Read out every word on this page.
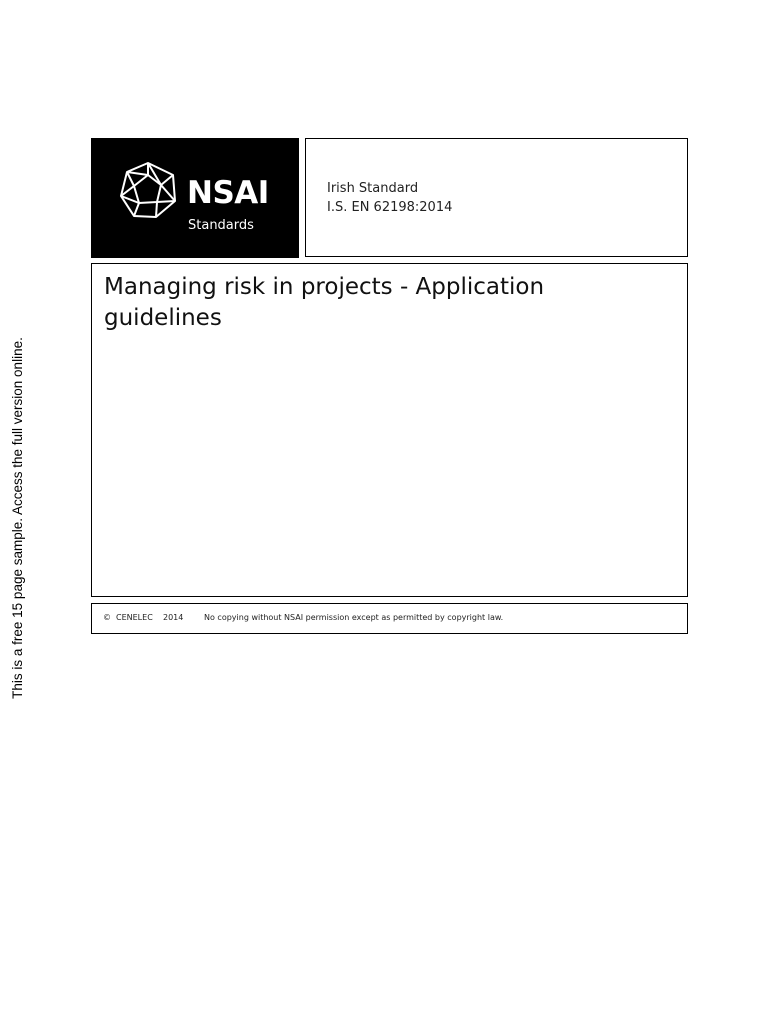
This is a free 15 page sample. Access the full version online.
NSAI
Standards
Irish Standard
I.S. EN 62198:2014
Managing risk in projects - Application guidelines
© CENELEC 2014	No copying without NSAI permission except as permitted by copyright law.
